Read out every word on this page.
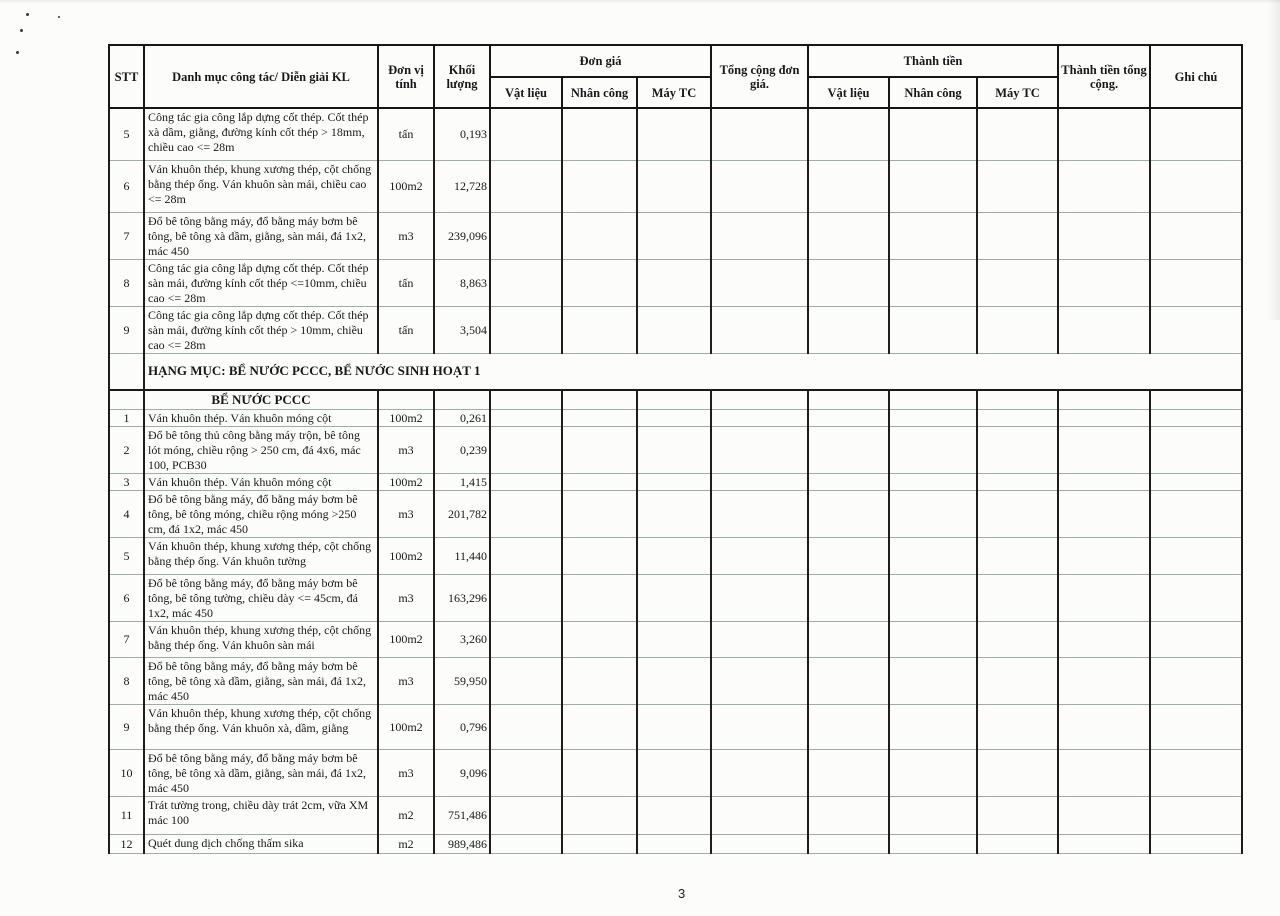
STT	Danh mục công tác/ Diễn giải KL	Đơn vị tính	Khối lượng	Đơn giá			Tổng cộng đơn giá.	Thành tiền			Thành tiền tổng cộng.	Ghi chú
				Vật liệu	Nhân công	Máy TC		Vật liệu	Nhân công	Máy TC		
5	Công tác gia công lắp dựng cốt thép. Cốt thép xà dầm, giằng, đường kính cốt thép > 18mm, chiều cao <= 28m	tấn	0,193									
6	Ván khuôn thép, khung xương thép, cột chống bằng thép ống. Ván khuôn sàn mái, chiều cao <= 28m	100m2	12,728									
7	Đổ bê tông bằng máy, đổ bằng máy bơm bê tông, bê tông xà dầm, giằng, sàn mái, đá 1x2, mác 450	m3	239,096									
8	Công tác gia công lắp dựng cốt thép. Cốt thép sàn mái, đường kính cốt thép <=10mm, chiều cao <= 28m	tấn	8,863									
9	Công tác gia công lắp dựng cốt thép. Cốt thép sàn mái, đường kính cốt thép > 10mm, chiều cao <= 28m	tấn	3,504									
	HẠNG MỤC: BỂ NƯỚC PCCC, BỂ NƯỚC SINH HOẠT 1											
	BỂ NƯỚC PCCC											
1	Ván khuôn thép. Ván khuôn móng cột	100m2	0,261									
2	Đổ bê tông thủ công bằng máy trộn, bê tông lót móng, chiều rộng > 250 cm, đá 4x6, mác 100, PCB30	m3	0,239									
3	Ván khuôn thép. Ván khuôn móng cột	100m2	1,415									
4	Đổ bê tông bằng máy, đổ bằng máy bơm bê tông, bê tông móng, chiều rộng móng >250 cm, đá 1x2, mác 450	m3	201,782									
5	Ván khuôn thép, khung xương thép, cột chống bằng thép ống. Ván khuôn tường	100m2	11,440									
6	Đổ bê tông bằng máy, đổ bằng máy bơm bê tông, bê tông tường, chiều dày <= 45cm, đá 1x2, mác 450	m3	163,296									
7	Ván khuôn thép, khung xương thép, cột chống bằng thép ống. Ván khuôn sàn mái	100m2	3,260									
8	Đổ bê tông bằng máy, đổ bằng máy bơm bê tông, bê tông xà dầm, giằng, sàn mái, đá 1x2, mác 450	m3	59,950									
9	Ván khuôn thép, khung xương thép, cột chống bằng thép ống. Ván khuôn xà, dầm, giằng	100m2	0,796									
10	Đổ bê tông bằng máy, đổ bằng máy bơm bê tông, bê tông xà dầm, giằng, sàn mái, đá 1x2, mác 450	m3	9,096									
11	Trát tường trong, chiều dày trát 2cm, vữa XM mác 100	m2	751,486									
12	Quét dung dịch chống thấm sika	m2	989,486									
3
